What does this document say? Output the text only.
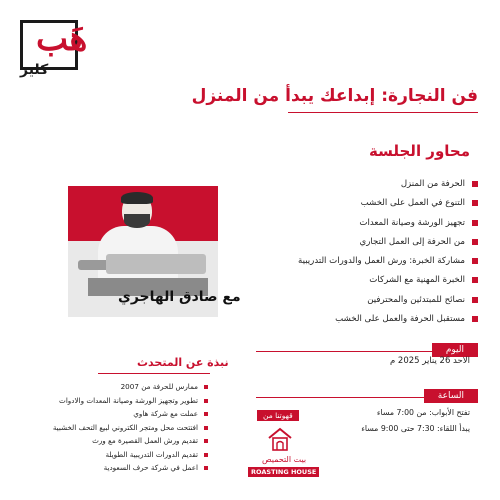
هَب
كلير
فن النجارة: إبداعك يبدأ من المنزل
محاور الجلسة
الحرفة من المنزل
التنوع في العمل على الخشب
تجهيز الورشة وصيانة المعدات
من الحرفة إلى العمل التجاري
مشاركة الخبرة: ورش العمل والدورات التدريبية
الخبرة المهنية مع الشركات
نصائح للمبتدئين والمحترفين
مستقبل الحرفة والعمل على الخشب
مع صادق الهاجري
نبذة عن المتحدث
ممارس للحرفة من 2007
تطوير وتجهيز الورشة وصيانة المعدات والادوات
عملت مع شركة هاوي
افتتحت محل ومتجر الكتروني لبيع التحف الخشبية
تقديم ورش العمل القصيرة مع ورث
تقديم الدورات التدريبية الطويلة
اعمل في شركة حرف السعودية
اليوم
الاحد 26 يناير 2025 م
الساعة
تفتح الأبواب: من 7:00 مساء
يبدأ اللقاء: 7:30 حتى 9:00 مساء
قهوتنا من
بيت التحميص
ROASTING HOUSE
